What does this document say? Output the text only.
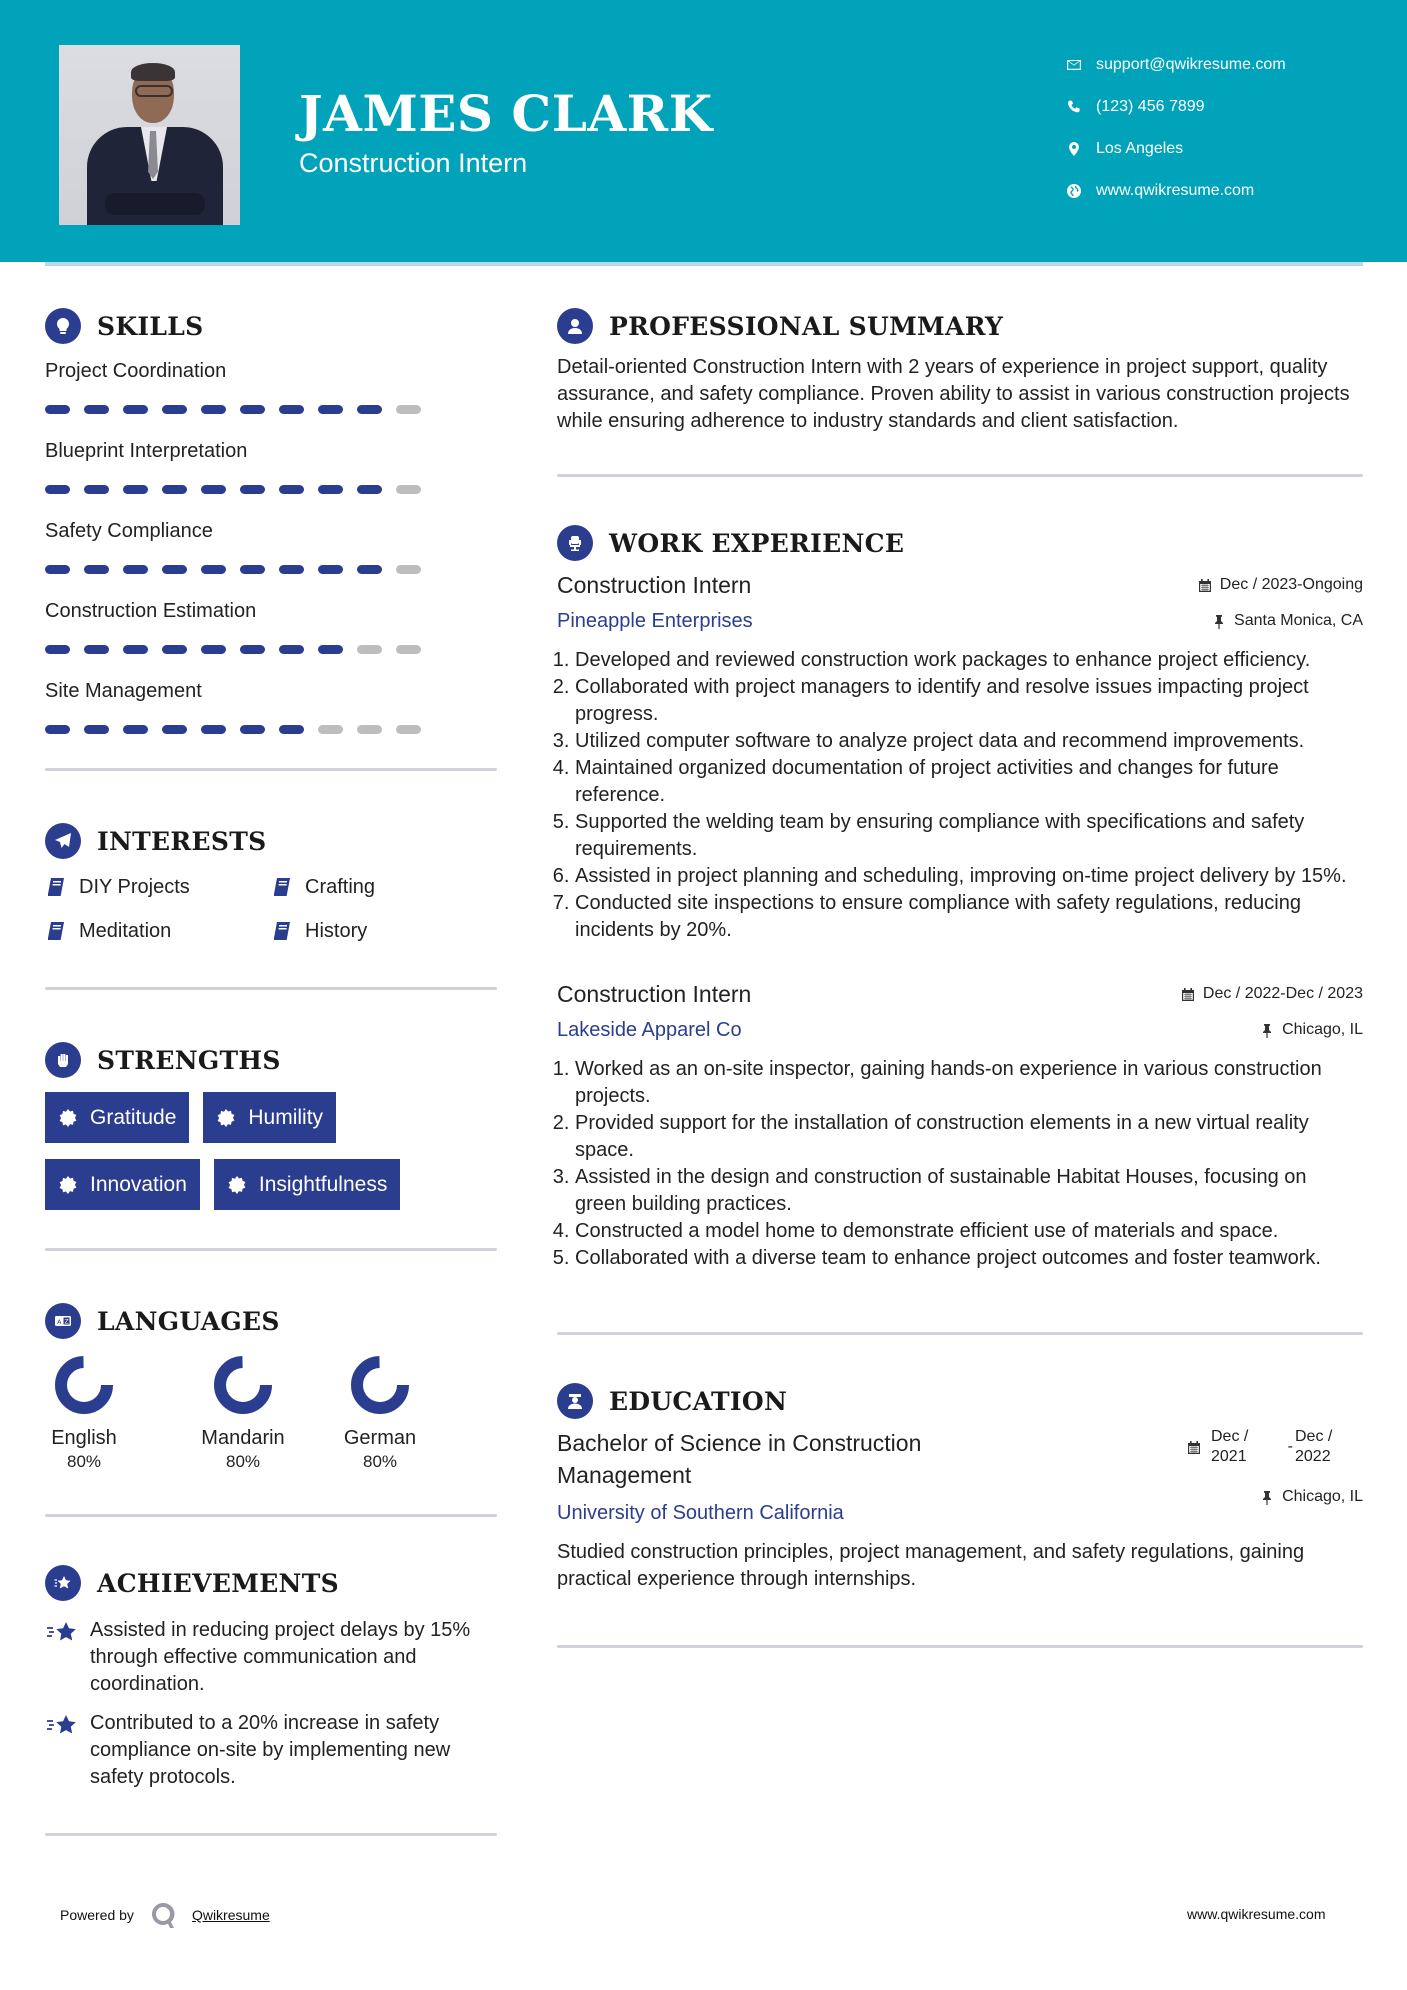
JAMES CLARK
Construction Intern
support@qwikresume.com
(123) 456 7899
Los Angeles
www.qwikresume.com
SKILLS
Project Coordination
Blueprint Interpretation
Safety Compliance
Construction Estimation
Site Management
INTERESTS
DIY Projects	Crafting
Meditation	History
STRENGTHS
Gratitude	Humility
Innovation	Insightfulness
A Z LANGUAGES
English
80%
Mandarin
80%
German
80%
ACHIEVEMENTS

Assisted in reducing project delays by 15% through effective communication and coordination.

Contributed to a 20% increase in safety compliance on-site by implementing new safety protocols.

PROFESSIONAL SUMMARY

Detail-oriented Construction Intern with 2 years of experience in project support, quality assurance, and safety compliance. Proven ability to assist in various construction projects while ensuring adherence to industry standards and client satisfaction.

WORK EXPERIENCE
Construction Intern
Pineapple Enterprises
Dec / 2023-Ongoing
Santa Monica, CA
1. Developed and reviewed construction work packages to enhance project efficiency.
2. Collaborated with project managers to identify and resolve issues impacting project progress.
3. Utilized computer software to analyze project data and recommend improvements.
4. Maintained organized documentation of project activities and changes for future reference.
5. Supported the welding team by ensuring compliance with specifications and safety requirements.
6. Assisted in project planning and scheduling, improving on-time project delivery by 15%.
7. Conducted site inspections to ensure compliance with safety regulations, reducing incidents by 20%.
Construction Intern
Lakeside Apparel Co
Dec / 2022-Dec / 2023
Chicago, IL
1. Worked as an on-site inspector, gaining hands-on experience in various construction projects.
2. Provided support for the installation of construction elements in a new virtual reality space.
3. Assisted in the design and construction of sustainable Habitat Houses, focusing on green building practices.
4. Constructed a model home to demonstrate efficient use of materials and space.
5. Collaborated with a diverse team to enhance project outcomes and foster teamwork.
EDUCATION
Bachelor of Science in Construction Management
University of Southern California
Dec / 2021
-
Dec / 2022
Chicago, IL

Studied construction principles, project management, and safety regulations, gaining practical experience through internships.

Powered by	Qwikresume	www.qwikresume.com
